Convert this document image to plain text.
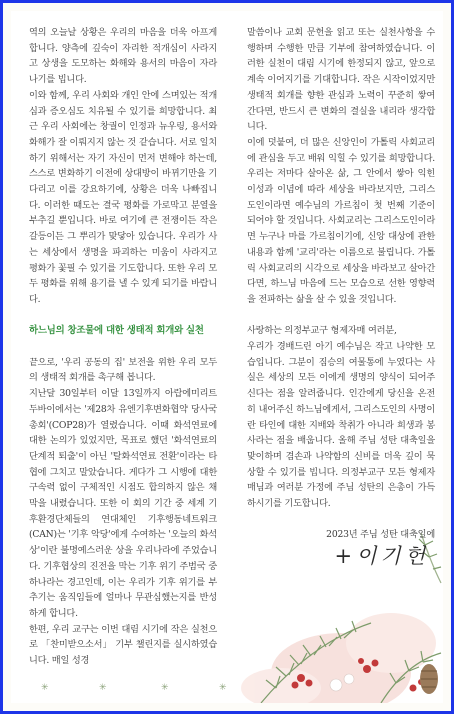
역의 오늘날 상황은 우리의 마음을 더욱 아프게 합니다. 양측에 깊숙이 자리한 적개심이 사라지고 상생을 도모하는 화해와 용서의 마음이 자라나기를 빕니다.

이와 함께, 우리 사회와 개인 안에 스며있는 적개심과 증오심도 치유될 수 있기를 희망합니다. 최근 우리 사회에는 창궐이 인정과 뉴우링, 용서와 화해가 잘 이뤄지지 않는 것 같습니다. 서로 일치하기 위해서는 자기 자신이 먼저 변해야 하는데, 스스로 변화하기 이전에 상대방이 바뀌기만을 기다리고 이를 강요하기에, 상황은 더욱 나빠집니다. 이러한 때도는 결국 평화를 가로막고 분열을 부추길 뿐입니다. 바로 여기에 큰 전쟁이든 작은 갈등이든 그 뿌리가 맞닿아 있습니다. 우리가 사는 세상에서 생명을 파괴하는 미움이 사라지고 평화가 꽃필 수 있기를 기도합니다. 또한 우리 모두 평화를 위해 용기를 낼 수 있게 되기를 바랍니다.

하느님의 창조물에 대한 생태적 회개와 실천

끝으로, '우리 공동의 집' 보전을 위한 우리 모두의 생태적 회개를 촉구해 봅니다.

지난달 30일부터 이달 13일까지 아랍에미리트 두바이에서는 '제28차 유엔기후변화협약 당사국총회'(COP28)가 열렸습니다. 이때 화석연료에 대한 논의가 있었지만, 목표로 했던 '화석연료의 단계적 퇴출'이 아닌 '탈화석연료 전환'이라는 타협에 그치고 말았습니다. 게다가 그 시행에 대한 구속력 없이 구체적인 시점도 합의하지 않은 채 막을 내렸습니다. 또한 이 회의 기간 중 세계 기후환경단체들의 연대체인 기후행동네트워크(CAN)는 '기후 악당'에게 수여하는 '오늘의 화석상'이란 불명예스러운 상을 우리나라에 주었습니다. 기후협상의 진전을 막는 기후 위기 주범국 중 하나라는 경고인데, 이는 우리가 기후 위기를 부추기는 움직임들에 얼마나 무관심했는지를 반성하게 합니다.

한편, 우리 교구는 이번 대림 시기에 작은 실천으로 「찬미받으소서」 기부 챌린지를 실시하였습니다. 매일 성경

말씀이나 교회 문헌을 읽고 또는 실천사항을 수행하며 수행한 만큼 기부에 참여하였습니다. 이러한 실천이 대림 시기에 한정되지 않고, 앞으로 계속 이어지기를 기대합니다. 작은 시작이었지만 생태적 회개를 향한 관심과 노력이 꾸준히 쌓여간다면, 반드시 큰 변화의 결실을 내리라 생각합니다.

이에 덧붙여, 더 많은 신앙인이 가톨릭 사회교리에 관심을 두고 배워 익힐 수 있기를 희망합니다. 우리는 저마다 살아온 삶, 그 안에서 쌓아 익힌 이성과 이념에 따라 세상을 바라보지만, 그리스도인이라면 예수님의 가르침이 첫 번째 기준이 되어야 할 것입니다. 사회교리는 그리스도인이라면 누구나 마를 가르침이기에, 신앙 대상에 관한 내용과 함께 '교리'라는 이름으로 불립니다. 가톨릭 사회교리의 시각으로 세상을 바라보고 살아간다면, 하느님 마음에 드는 모습으로 선한 영향력을 전파하는 삶을 살 수 있을 것입니다.

사랑하는 의정부교구 형제자매 여러분,

우리가 경배드린 아기 예수님은 작고 나약한 모습입니다. 그분이 짐승의 여물통에 누였다는 사실은 세상의 모든 이에게 생명의 양식이 되어주신다는 점을 알려줍니다. 인간에게 당신을 온전히 내어주신 하느님에게서, 그리스도인의 사명이란 타인에 대한 지배와 착취가 아니라 희생과 봉사라는 점을 배웁니다. 올해 주님 성탄 대축일을 맞이하며 겸손과 나약함의 신비를 더욱 깊이 묵상할 수 있기를 빕니다. 의정부교구 모든 형제자매님과 여러분 가정에 주님 성탄의 은총이 가득하시기를 기도합니다.

2023년 주님 성탄 대축일에

+이기헌
✳	✳	✳	✳
